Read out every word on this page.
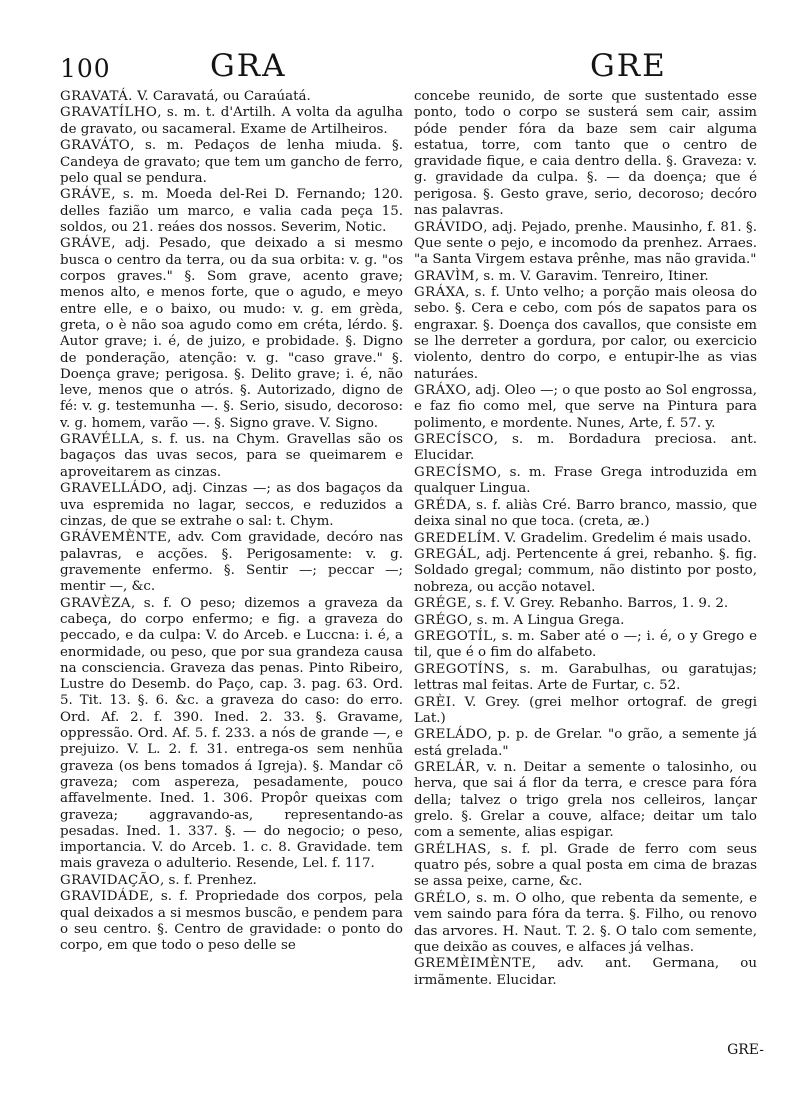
100	GRA	GRE

GRAVATÁ. V. Caravatá, ou Caraúatá.

GRAVATÍLHO, s. m. t. d'Artilh. A volta da agulha de gravato, ou sacameral. Exame de Artilheiros.

GRAVÁTO, s. m. Pedaços de lenha miuda. §. Candeya de gravato; que tem um gancho de ferro, pelo qual se pendura.

GRÁVE, s. m. Moeda del-Rei D. Fernando; 120. delles fazião um marco, e valia cada peça 15. soldos, ou 21. reáes dos nossos. Severim, Notic.

GRÁVE, adj. Pesado, que deixado a si mesmo busca o centro da terra, ou da sua orbita: v. g. "os corpos graves." §. Som grave, acento grave; menos alto, e menos forte, que o agudo, e meyo entre elle, e o baixo, ou mudo: v. g. em grèda, greta, o è não soa agudo como em créta, lérdo. §. Autor grave; i. é, de juizo, e probidade. §. Digno de ponderação, atenção: v. g. "caso grave." §. Doença grave; perigosa. §. Delito grave; i. é, não leve, menos que o atrós. §. Autorizado, digno de fé: v. g. testemunha —. §. Serio, sisudo, decoroso: v. g. homem, varão —. §. Signo grave. V. Signo.

GRAVÉLLA, s. f. us. na Chym. Gravellas são os bagaços das uvas secos, para se queimarem e aproveitarem as cinzas.

GRAVELLÁDO, adj. Cinzas —; as dos bagaços da uva espremida no lagar, seccos, e reduzidos a cinzas, de que se extrahe o sal: t. Chym.

GRÁVEMÈNTE, adv. Com gravidade, decóro nas palavras, e acções. §. Perigosamente: v. g. gravemente enfermo. §. Sentir —; peccar —; mentir —, &c.

GRAVÈZA, s. f. O peso; dizemos a graveza da cabeça, do corpo enfermo; e fig. a graveza do peccado, e da culpa: V. do Arceb. e Luccna: i. é, a enormidade, ou peso, que por sua grandeza causa na consciencia. Graveza das penas. Pinto Ribeiro, Lustre do Desemb. do Paço, cap. 3. pag. 63. Ord. 5. Tit. 13. §. 6. &c. a graveza do caso: do erro. Ord. Af. 2. f. 390. Ined. 2. 33. §. Gravame, oppressão. Ord. Af. 5. f. 233. a nós de grande —, e prejuizo. V. L. 2. f. 31. entrega-os sem nenhũa graveza (os bens tomados á Igreja). §. Mandar cõ graveza; com aspereza, pesadamente, pouco affavelmente. Ined. 1. 306. Propôr queixas com graveza; aggravando-as, representando-as pesadas. Ined. 1. 337. §. — do negocio; o peso, importancia. V. do Arceb. 1. c. 8. Gravidade. tem mais graveza o adulterio. Resende, Lel. f. 117.

GRAVIDAÇÃO, s. f. Prenhez.

GRAVIDÁDE, s. f. Propriedade dos corpos, pela qual deixados a si mesmos buscão, e pendem para o seu centro. §. Centro de gravidade: o ponto do corpo, em que todo o peso delle se

concebe reunido, de sorte que sustentado esse ponto, todo o corpo se susterá sem cair, assim póde pender fóra da baze sem cair alguma estatua, torre, com tanto que o centro de gravidade fique, e caia dentro della. §. Graveza: v. g. gravidade da culpa. §. — da doença; que é perigosa. §. Gesto grave, serio, decoroso; decóro nas palavras.

GRÁVIDO, adj. Pejado, prenhe. Mausinho, f. 81. §. Que sente o pejo, e incomodo da prenhez. Arraes. "a Santa Virgem estava prênhe, mas não gravida."

GRAVÌM, s. m. V. Garavim. Tenreiro, Itiner.

GRÁXA, s. f. Unto velho; a porção mais oleosa do sebo. §. Cera e cebo, com pós de sapatos para os engraxar. §. Doença dos cavallos, que consiste em se lhe derreter a gordura, por calor, ou exercicio violento, dentro do corpo, e entupir-lhe as vias naturáes.

GRÁXO, adj. Oleo —; o que posto ao Sol engrossa, e faz fio como mel, que serve na Pintura para polimento, e mordente. Nunes, Arte, f. 57. y.

GRECÍSCO, s. m. Bordadura preciosa. ant. Elucidar.

GRECÍSMO, s. m. Frase Grega introduzida em qualquer Lingua.

GRÉDA, s. f. aliàs Cré. Barro branco, massio, que deixa sinal no que toca. (creta, æ.)

GREDELÍM. V. Gradelim. Gredelim é mais usado.

GREGÁL, adj. Pertencente á grei, rebanho. §. fig. Soldado gregal; commum, não distinto por posto, nobreza, ou acção notavel.

GRÉGE, s. f. V. Grey. Rebanho. Barros, 1. 9. 2.

GRÉGO, s. m. A Lingua Grega.

GREGOTÍL, s. m. Saber até o —; i. é, o y Grego e til, que é o fim do alfabeto.

GREGOTÍNS, s. m. Garabulhas, ou garatujas; lettras mal feitas. Arte de Furtar, c. 52.

GRÈI. V. Grey. (grei melhor ortograf. de gregi Lat.)

GRELÁDO, p. p. de Grelar. "o grão, a semente já está grelada."

GRELÁR, v. n. Deitar a semente o talosinho, ou herva, que sai á flor da terra, e cresce para fóra della; talvez o trigo grela nos celleiros, lançar grelo. §. Grelar a couve, alface; deitar um talo com a semente, alias espigar.

GRÉLHAS, s. f. pl. Grade de ferro com seus quatro pés, sobre a qual posta em cima de brazas se assa peixe, carne, &c.

GRÉLO, s. m. O olho, que rebenta da semente, e vem saindo para fóra da terra. §. Filho, ou renovo das arvores. H. Naut. T. 2. §. O talo com semente, que deixão as couves, e alfaces já velhas.

GREMÈIMÈNTE, adv. ant. Germana, ou irmãmente. Elucidar.

GRE-
